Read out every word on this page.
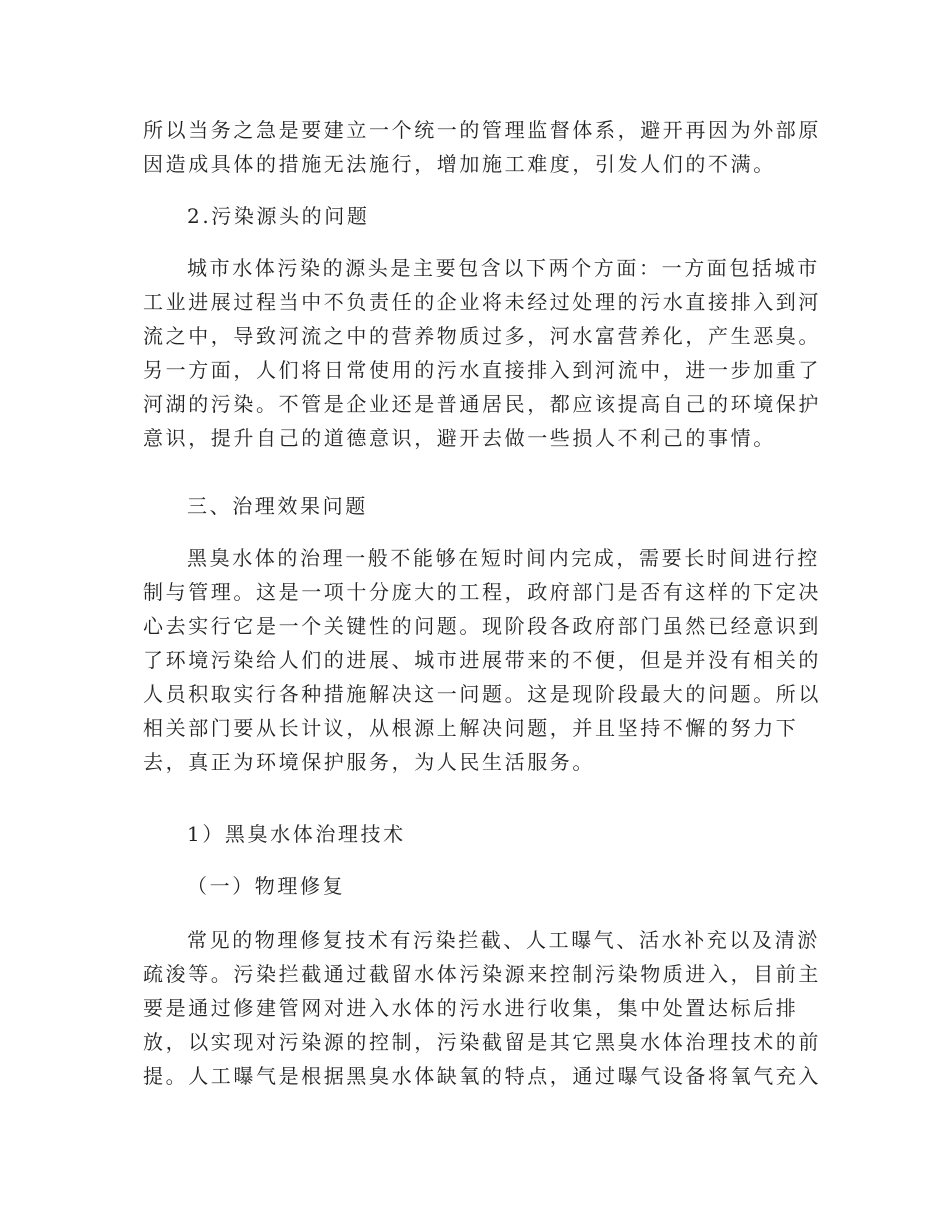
所以当务之急是要建立一个统一的管理监督体系，避开再因为外部原
因造成具体的措施无法施行，增加施工难度，引发人们的不满。
2.污染源头的问题
城市水体污染的源头是主要包含以下两个方面：一方面包括城市
工业进展过程当中不负责任的企业将未经过处理的污水直接排入到河
流之中，导致河流之中的营养物质过多，河水富营养化，产生恶臭。
另一方面，人们将日常使用的污水直接排入到河流中，进一步加重了
河湖的污染。不管是企业还是普通居民，都应该提高自己的环境保护
意识，提升自己的道德意识，避开去做一些损人不利己的事情。
三、治理效果问题
黑臭水体的治理一般不能够在短时间内完成，需要长时间进行控
制与管理。这是一项十分庞大的工程，政府部门是否有这样的下定决
心去实行它是一个关键性的问题。现阶段各政府部门虽然已经意识到
了环境污染给人们的进展、城市进展带来的不便，但是并没有相关的
人员积取实行各种措施解决这一问题。这是现阶段最大的问题。所以
相关部门要从长计议，从根源上解决问题，并且坚持不懈的努力下
去，真正为环境保护服务，为人民生活服务。
1）黑臭水体治理技术
（一）物理修复
常见的物理修复技术有污染拦截、人工曝气、活水补充以及清淤
疏浚等。污染拦截通过截留水体污染源来控制污染物质进入，目前主
要是通过修建管网对进入水体的污水进行收集，集中处置达标后排
放，以实现对污染源的控制，污染截留是其它黑臭水体治理技术的前
提。人工曝气是根据黑臭水体缺氧的特点，通过曝气设备将氧气充入
